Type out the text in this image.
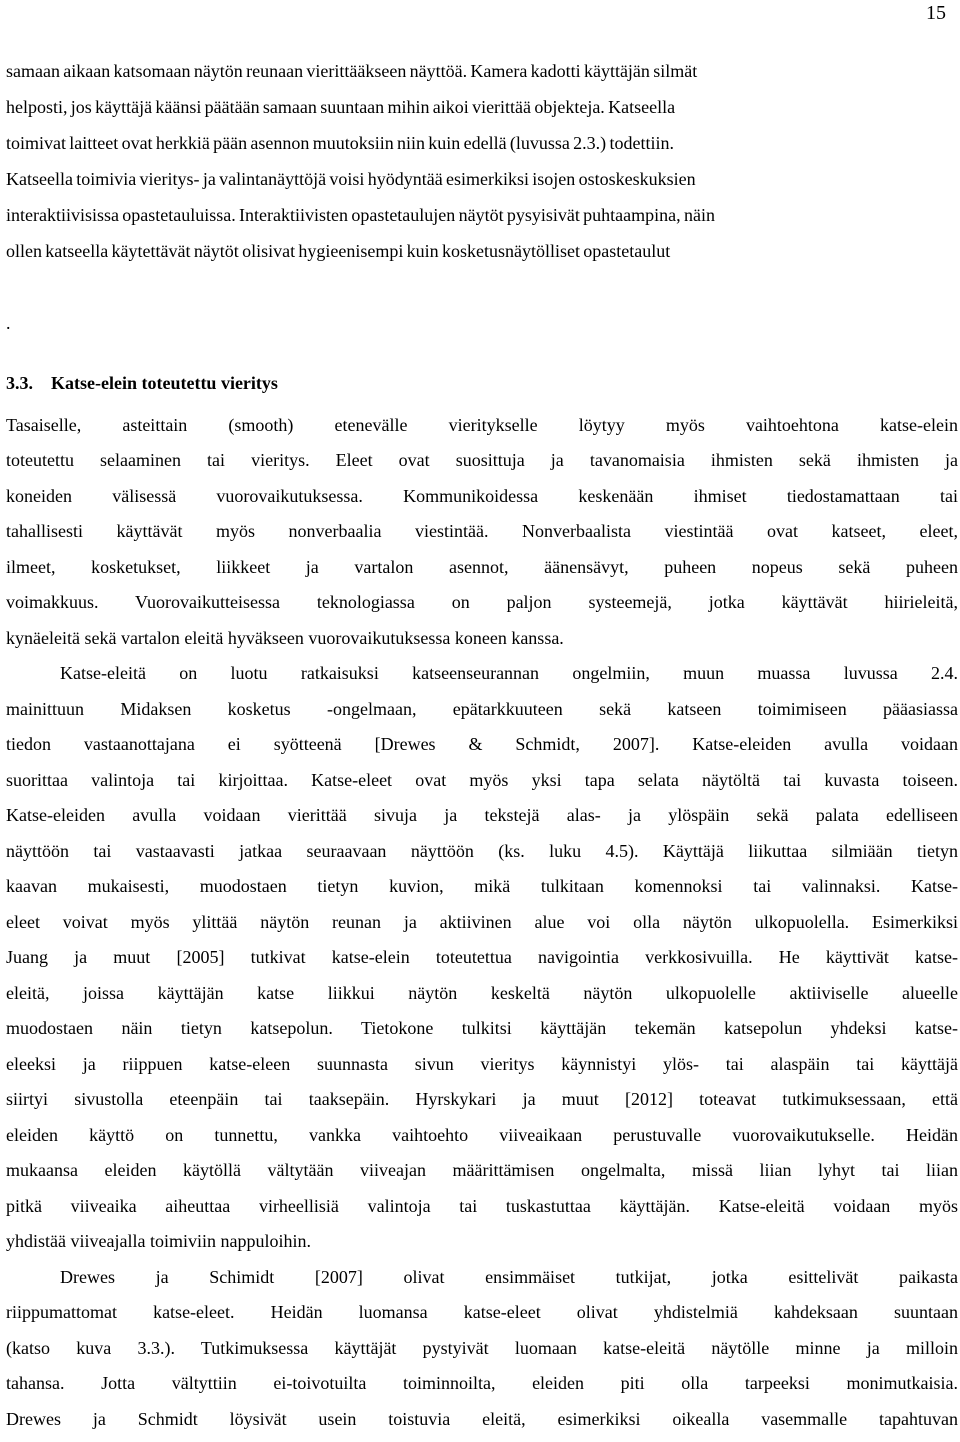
15
samaan aikaan katsomaan näytön reunaan vierittääkseen näyttöä. Kamera kadotti käyttäjän silmät
helposti, jos käyttäjä käänsi päätään samaan suuntaan mihin aikoi vierittää objekteja. Katseella
toimivat laitteet ovat herkkiä pään asennon muutoksiin niin kuin edellä (luvussa 2.3.) todettiin.
Katseella toimivia vieritys- ja valintanäyttöjä voisi hyödyntää esimerkiksi isojen ostoskeskuksien
interaktiivisissa opastetauluissa. Interaktiivisten opastetaulujen näytöt pysyisivät puhtaampina, näin
ollen katseella käytettävät näytöt olisivat hygieenisempi kuin kosketusnäytölliset opastetaulut
.
3.3. Katse-elein toteutettu vieritys
Tasaiselle, asteittain (smooth) etenevälle vieritykselle löytyy myös vaihtoehtona katse-elein
toteutettu selaaminen tai vieritys. Eleet ovat suosittuja ja tavanomaisia ihmisten sekä ihmisten ja
koneiden välisessä vuorovaikutuksessa. Kommunikoidessa keskenään ihmiset tiedostamattaan tai
tahallisesti käyttävät myös nonverbaalia viestintää. Nonverbaalista viestintää ovat katseet, eleet,
ilmeet, kosketukset, liikkeet ja vartalon asennot, äänensävyt, puheen nopeus sekä puheen
voimakkuus. Vuorovaikutteisessa teknologiassa on paljon systeemejä, jotka käyttävät hiirieleitä,
kynäeleitä sekä vartalon eleitä hyväkseen vuorovaikutuksessa koneen kanssa.
Katse-eleitä on luotu ratkaisuksi katseenseurannan ongelmiin, muun muassa luvussa 2.4.
mainittuun Midaksen kosketus -ongelmaan, epätarkkuuteen sekä katseen toimimiseen pääasiassa
tiedon vastaanottajana ei syötteenä [Drewes & Schmidt, 2007]. Katse-eleiden avulla voidaan
suorittaa valintoja tai kirjoittaa. Katse-eleet ovat myös yksi tapa selata näytöltä tai kuvasta toiseen.
Katse-eleiden avulla voidaan vierittää sivuja ja tekstejä alas- ja ylöspäin sekä palata edelliseen
näyttöön tai vastaavasti jatkaa seuraavaan näyttöön (ks. luku 4.5). Käyttäjä liikuttaa silmiään tietyn
kaavan mukaisesti, muodostaen tietyn kuvion, mikä tulkitaan komennoksi tai valinnaksi. Katse-
eleet voivat myös ylittää näytön reunan ja aktiivinen alue voi olla näytön ulkopuolella. Esimerkiksi
Juang ja muut [2005] tutkivat katse-elein toteutettua navigointia verkkosivuilla. He käyttivät katse-
eleitä, joissa käyttäjän katse liikkui näytön keskeltä näytön ulkopuolelle aktiiviselle alueelle
muodostaen näin tietyn katsepolun. Tietokone tulkitsi käyttäjän tekemän katsepolun yhdeksi katse-
eleeksi ja riippuen katse-eleen suunnasta sivun vieritys käynnistyi ylös- tai alaspäin tai käyttäjä
siirtyi sivustolla eteenpäin tai taaksepäin. Hyrskykari ja muut [2012] toteavat tutkimuksessaan, että
eleiden käyttö on tunnettu, vankka vaihtoehto viiveaikaan perustuvalle vuorovaikutukselle. Heidän
mukaansa eleiden käytöllä vältytään viiveajan määrittämisen ongelmalta, missä liian lyhyt tai liian
pitkä viiveaika aiheuttaa virheellisiä valintoja tai tuskastuttaa käyttäjän. Katse-eleitä voidaan myös
yhdistää viiveajalla toimiviin nappuloihin.
Drewes ja Schimidt [2007] olivat ensimmäiset tutkijat, jotka esittelivät paikasta
riippumattomat katse-eleet. Heidän luomansa katse-eleet olivat yhdistelmiä kahdeksaan suuntaan
(katso kuva 3.3.). Tutkimuksessa käyttäjät pystyivät luomaan katse-eleitä näytölle minne ja milloin
tahansa. Jotta vältyttiin ei-toivotuilta toiminnoilta, eleiden piti olla tarpeeksi monimutkaisia.
Drewes ja Schmidt löysivät usein toistuvia eleitä, esimerkiksi oikealla vasemmalle tapahtuvan
